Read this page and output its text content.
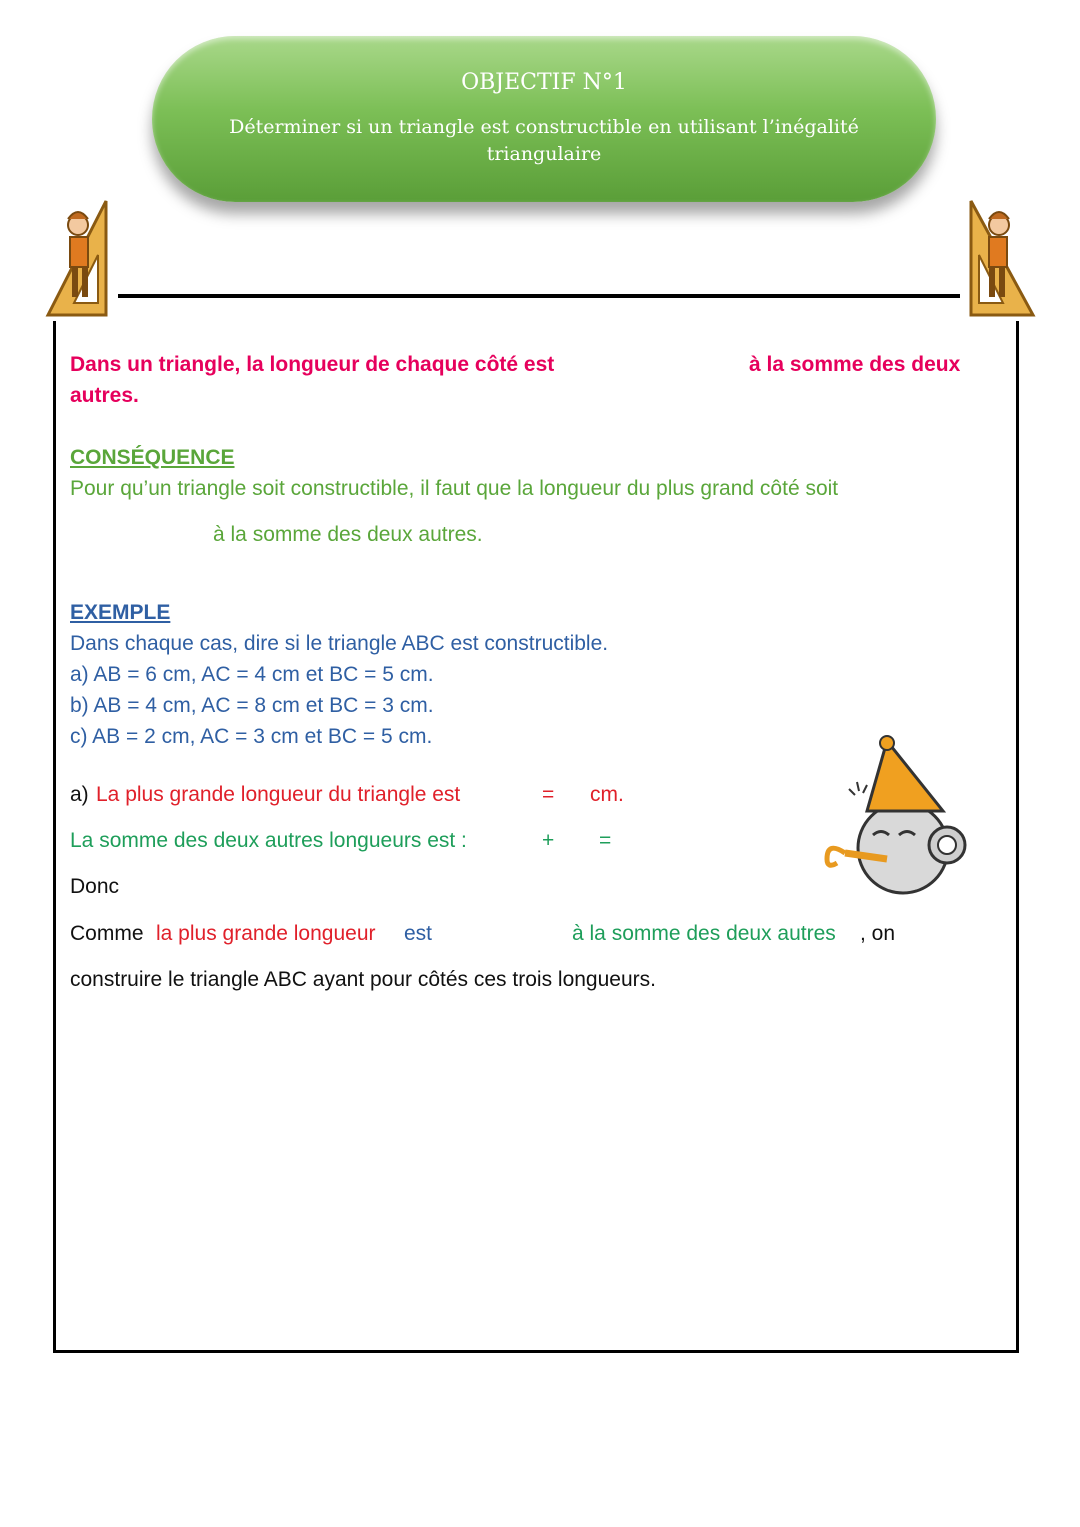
OBJECTIF N°1
Déterminer si un triangle est constructible en utilisant l’inégalité triangulaire
Dans un triangle, la longueur de chaque côté est	à la somme des deux
autres.
CONSÉQUENCE
Pour qu’un triangle soit constructible, il faut que la longueur du plus grand côté soit
à la somme des deux autres.
EXEMPLE
Dans chaque cas, dire si le triangle ABC est constructible.
a) AB = 6 cm, AC = 4 cm et BC = 5 cm.
b) AB = 4 cm, AC = 8 cm et BC = 3 cm.
c) AB = 2 cm, AC = 3 cm et BC = 5 cm.
a) La plus grande longueur du triangle est	= cm.
La somme des deux autres longueurs est :	+ =
Donc
Comme la plus grande longueur est	à la somme des deux autres , on
construire le triangle ABC ayant pour côtés ces trois longueurs.
